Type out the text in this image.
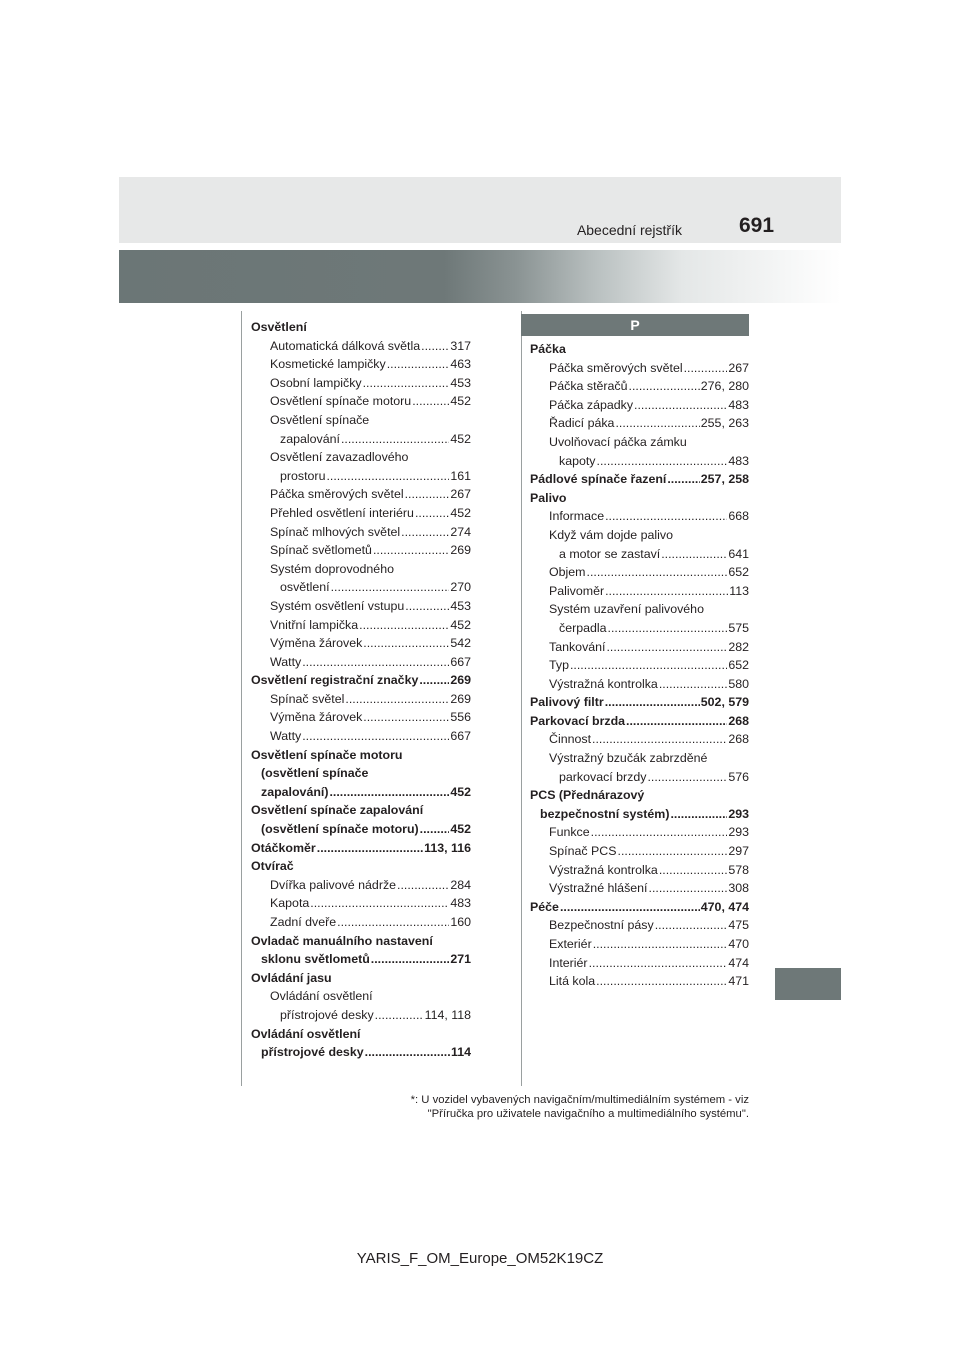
Abecední rejstřík	691
Osvětlení
Automatická dálková světla ..... 317
Kosmetické lampičky .....	463
Osobní lampičky .....	453
Osvětlení spínače motoru .....	452
Osvětlení spínače
zapalování .....	452
Osvětlení zavazadlového
prostoru .....	161
Páčka směrových světel .....	267
Přehled osvětlení interiéru .....	452
Spínač mlhových světel .....	274
Spínač světlometů .....	269
Systém doprovodného
osvětlení .....	270
Systém osvětlení vstupu .....	453
Vnitřní lampička .....	452
Výměna žárovek .....	542
Watty .....	667
Osvětlení registrační značky .....	269
Spínač světel .....	269
Výměna žárovek .....	556
Watty .....	667
Osvětlení spínače motoru
(osvětlení spínače
zapalování) .....	452
Osvětlení spínače zapalování
(osvětlení spínače motoru) .....	452
Otáčkoměr .....	113, 116
Otvírač
Dvířka palivové nádrže .....	284
Kapota .....	483
Zadní dveře .....	160
Ovladač manuálního nastavení
sklonu světlometů .....	271
Ovládání jasu
Ovládání osvětlení
přístrojové desky .....	114, 118
Ovládání osvětlení
přístrojové desky .....	114
P
Páčka
Páčka směrových světel .....	267
Páčka stěračů .....	276, 280
Páčka západky .....	483
Řadicí páka .....	255, 263
Uvolňovací páčka zámku
kapoty .....	483
Pádlové spínače řazení .....	257, 258
Palivo
Informace .....	668
Když vám dojde palivo
a motor se zastaví .....	641
Objem .....	652
Palivoměr .....	113
Systém uzavření palivového
čerpadla .....	575
Tankování .....	282
Typ .....	652
Výstražná kontrolka .....	580
Palivový filtr .....	502, 579
Parkovací brzda .....	268
Činnost .....	268
Výstražný bzučák zabrzděné
parkovací brzdy .....	576
PCS (Přednárazový
bezpečnostní systém) .....	293
Funkce .....	293
Spínač PCS .....	297
Výstražná kontrolka .....	578
Výstražné hlášení .....	308
Péče .....	470, 474
Bezpečnostní pásy .....	475
Exteriér .....	470
Interiér .....	474
Litá kola .....	471
*: U vozidel vybavených navigačním/multimediálním systémem - viz
"Příručka pro uživatele navigačního a multimediálního systému".
YARIS_F_OM_Europe_OM52K19CZ
